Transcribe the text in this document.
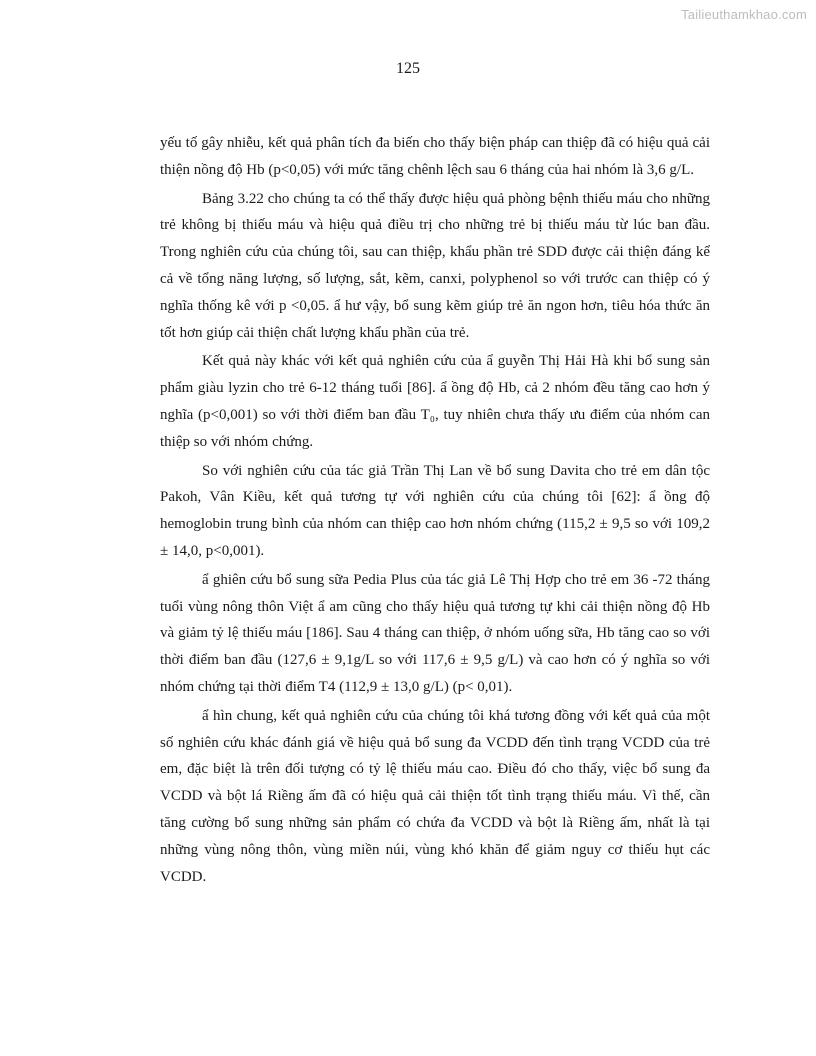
Tailieuthamkhao.com
125

yếu tố gây nhiễu, kết quả phân tích đa biến cho thấy biện pháp can thiệp đã có hiệu quả cải thiện nồng độ Hb (p<0,05) với mức tăng chênh lệch sau 6 tháng của hai nhóm là 3,6 g/L.

Bảng 3.22 cho chúng ta có thể thấy được hiệu quả phòng bệnh thiếu máu cho những trẻ không bị thiếu máu và hiệu quả điều trị cho những trẻ bị thiếu máu từ lúc ban đầu. Trong nghiên cứu của chúng tôi, sau can thiệp, khẩu phần trẻ SDD được cải thiện đáng kể cả về tổng năng lượng, số lượng, sắt, kẽm, canxi, polyphenol so với trước can thiệp có ý nghĩa thống kê với p <0,05. ẩ hư vậy, bổ sung kẽm giúp trẻ ăn ngon hơn, tiêu hóa thức ăn tốt hơn giúp cải thiện chất lượng khẩu phần của trẻ.

Kết quả này khác với kết quả nghiên cứu của ẩ guyễn Thị Hải Hà khi bổ sung sản phẩm giàu lyzin cho trẻ 6-12 tháng tuổi [86]. ẩ ồng độ Hb, cả 2 nhóm đều tăng cao hơn ý nghĩa (p<0,001) so với thời điểm ban đầu T₀, tuy nhiên chưa thấy ưu điểm của nhóm can thiệp so với nhóm chứng.

So với nghiên cứu của tác giả Trần Thị Lan về bổ sung Davita cho trẻ em dân tộc Pakoh, Vân Kiều, kết quả tương tự với nghiên cứu của chúng tôi [62]: ẩ ồng độ hemoglobin trung bình của nhóm can thiệp cao hơn nhóm chứng (115,2 ± 9,5 so với 109,2 ± 14,0, p<0,001).

ẩ ghiên cứu bổ sung sữa Pedia Plus của tác giả Lê Thị Hợp cho trẻ em 36 -72 tháng tuổi vùng nông thôn Việt ẩ am cũng cho thấy hiệu quả tương tự khi cải thiện nồng độ Hb và giảm tỷ lệ thiếu máu [186]. Sau 4 tháng can thiệp, ở nhóm uống sữa, Hb tăng cao so với thời điểm ban đầu (127,6 ± 9,1g/L so với 117,6 ± 9,5 g/L) và cao hơn có ý nghĩa so với nhóm chứng tại thời điểm T4 (112,9 ± 13,0 g/L) (p< 0,01).

ẩ hìn chung, kết quả nghiên cứu của chúng tôi khá tương đồng với kết quả của một số nghiên cứu khác đánh giá về hiệu quả bổ sung đa VCDD đến tình trạng VCDD của trẻ em, đặc biệt là trên đối tượng có tỷ lệ thiếu máu cao. Điều đó cho thấy, việc bổ sung đa VCDD và bột lá Riềng ấm đã có hiệu quả cải thiện tốt tình trạng thiếu máu. Vì thế, cần tăng cường bổ sung những sản phẩm có chứa đa VCDD và bột là Riềng ấm, nhất là tại những vùng nông thôn, vùng miền núi, vùng khó khăn để giảm nguy cơ thiếu hụt các VCDD.
